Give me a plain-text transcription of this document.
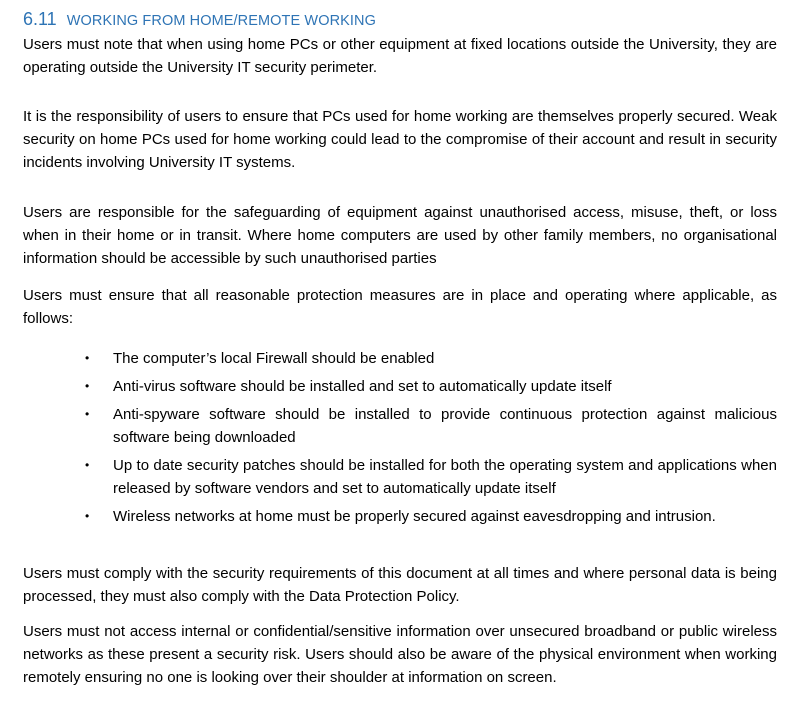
6.11 WORKING FROM HOME/REMOTE WORKING

Users must note that when using home PCs or other equipment at fixed locations outside the University, they are operating outside the University IT security perimeter.

It is the responsibility of users to ensure that PCs used for home working are themselves properly secured. Weak security on home PCs used for home working could lead to the compromise of their account and result in security incidents involving University IT systems.

Users are responsible for the safeguarding of equipment against unauthorised access, misuse, theft, or loss when in their home or in transit. Where home computers are used by other family members, no organisational information should be accessible by such unauthorised parties

Users must ensure that all reasonable protection measures are in place and operating where applicable, as follows:

• The computer’s local Firewall should be enabled
• Anti-virus software should be installed and set to automatically update itself
• Anti-spyware software should be installed to provide continuous protection against malicious software being downloaded
• Up to date security patches should be installed for both the operating system and applications when released by software vendors and set to automatically update itself
• Wireless networks at home must be properly secured against eavesdropping and intrusion.

Users must comply with the security requirements of this document at all times and where personal data is being processed, they must also comply with the Data Protection Policy.

Users must not access internal or confidential/sensitive information over unsecured broadband or public wireless networks as these present a security risk. Users should also be aware of the physical environment when working remotely ensuring no one is looking over their shoulder at information on screen.
